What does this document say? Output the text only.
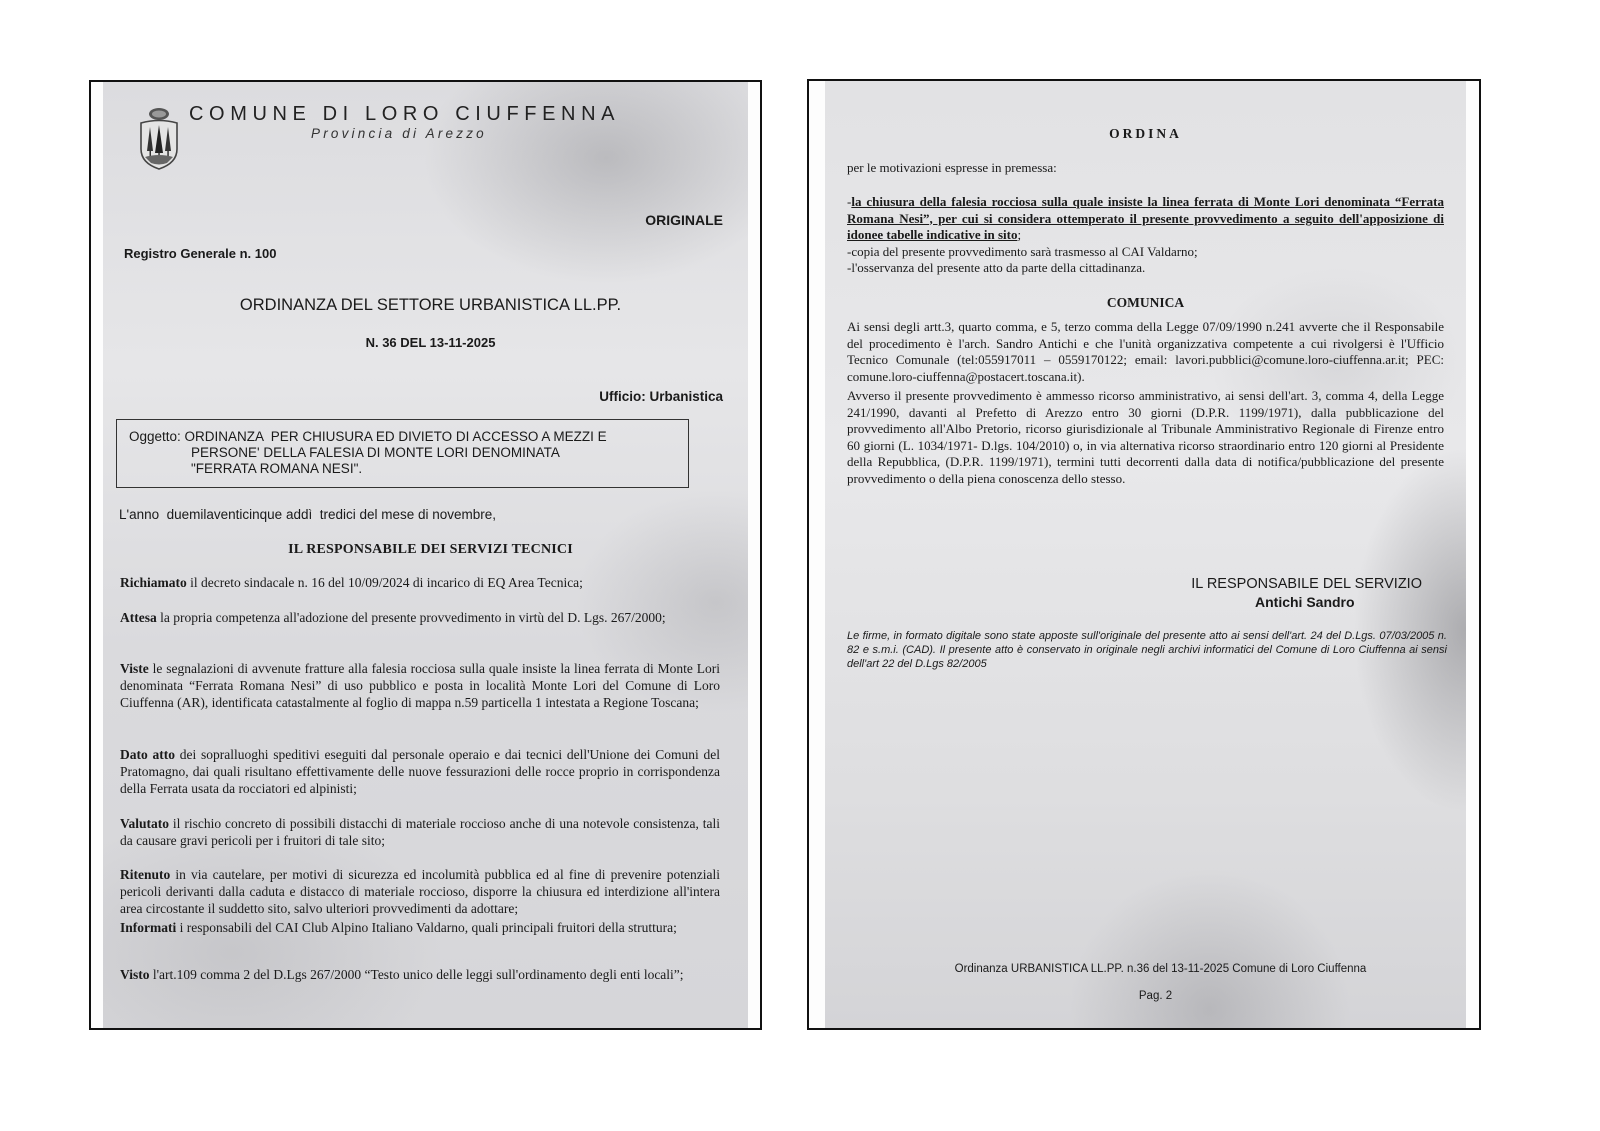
COMUNE DI LORO CIUFFENNA
Provincia di Arezzo
ORIGINALE
Registro Generale n. 100
ORDINANZA DEL SETTORE URBANISTICA LL.PP.
N. 36 DEL 13-11-2025
Ufficio: Urbanistica
Oggetto: ORDINANZA  PER CHIUSURA ED DIVIETO DI ACCESSO A MEZZI E
PERSONE' DELLA FALESIA DI MONTE LORI DENOMINATA
"FERRATA ROMANA NESI".
L'anno  duemilaventicinque addì  tredici del mese di novembre,
IL RESPONSABILE DEI SERVIZI TECNICI
Richiamato il decreto sindacale n. 16 del 10/09/2024 di incarico di EQ Area Tecnica;
Attesa la propria competenza all'adozione del presente provvedimento in virtù del D. Lgs. 267/2000;
Viste le segnalazioni di avvenute fratture alla falesia rocciosa sulla quale insiste la linea ferrata di Monte Lori denominata “Ferrata Romana Nesi” di uso pubblico e posta in località Monte Lori del Comune di Loro Ciuffenna (AR), identificata catastalmente al foglio di mappa n.59 particella 1 intestata a Regione Toscana;
Dato atto dei sopralluoghi speditivi eseguiti dal personale operaio e dai tecnici dell'Unione dei Comuni del Pratomagno, dai quali risultano effettivamente delle nuove fessurazioni delle rocce proprio in corrispondenza della Ferrata usata da rocciatori ed alpinisti;
Valutato il rischio concreto di possibili distacchi di materiale roccioso anche di una notevole consistenza, tali da causare gravi pericoli per i fruitori di tale sito;
Ritenuto in via cautelare, per motivi di sicurezza ed incolumità pubblica ed al fine di prevenire potenziali pericoli derivanti dalla caduta e distacco di materiale roccioso, disporre la chiusura ed interdizione all'intera area circostante il suddetto sito, salvo ulteriori provvedimenti da adottare;
Informati i responsabili del CAI Club Alpino Italiano Valdarno, quali principali fruitori della struttura;
Visto l'art.109 comma 2 del D.Lgs 267/2000 “Testo unico delle leggi sull'ordinamento degli enti locali”;
ORDINA
per le motivazioni espresse in premessa:
-la chiusura della falesia rocciosa sulla quale insiste la linea ferrata di Monte Lori denominata “Ferrata Romana Nesi”, per cui si considera ottemperato il presente provvedimento a seguito dell'apposizione di idonee tabelle indicative in sito;
-copia del presente provvedimento sarà trasmesso al CAI Valdarno;
-l'osservanza del presente atto da parte della cittadinanza.
COMUNICA
Ai sensi degli artt.3, quarto comma, e 5, terzo comma della Legge 07/09/1990 n.241 avverte che il Responsabile del procedimento è l'arch. Sandro Antichi e che l'unità organizzativa competente a cui rivolgersi è l'Ufficio Tecnico Comunale (tel:055917011 – 0559170122; email: lavori.pubblici@comune.loro-ciuffenna.ar.it; PEC: comune.loro-ciuffenna@postacert.toscana.it).
Avverso il presente provvedimento è ammesso ricorso amministrativo, ai sensi dell'art. 3, comma 4, della Legge 241/1990, davanti al Prefetto di Arezzo entro 30 giorni (D.P.R. 1199/1971), dalla pubblicazione del provvedimento all'Albo Pretorio, ricorso giurisdizionale al Tribunale Amministrativo Regionale di Firenze entro 60 giorni (L. 1034/1971- D.lgs. 104/2010) o, in via alternativa ricorso straordinario entro 120 giorni al Presidente della Repubblica, (D.P.R. 1199/1971), termini tutti decorrenti dalla data di notifica/pubblicazione del presente provvedimento o della piena conoscenza dello stesso.
IL RESPONSABILE DEL SERVIZIO
Antichi Sandro
Le firme, in formato digitale sono state apposte sull'originale del presente atto ai sensi dell'art. 24 del D.Lgs. 07/03/2005 n. 82 e s.m.i. (CAD). Il presente atto è conservato in originale negli archivi informatici del Comune di Loro Ciuffenna ai sensi dell'art 22 del D.Lgs 82/2005
Ordinanza URBANISTICA LL.PP. n.36 del 13-11-2025 Comune di Loro Ciuffenna
Pag. 2
